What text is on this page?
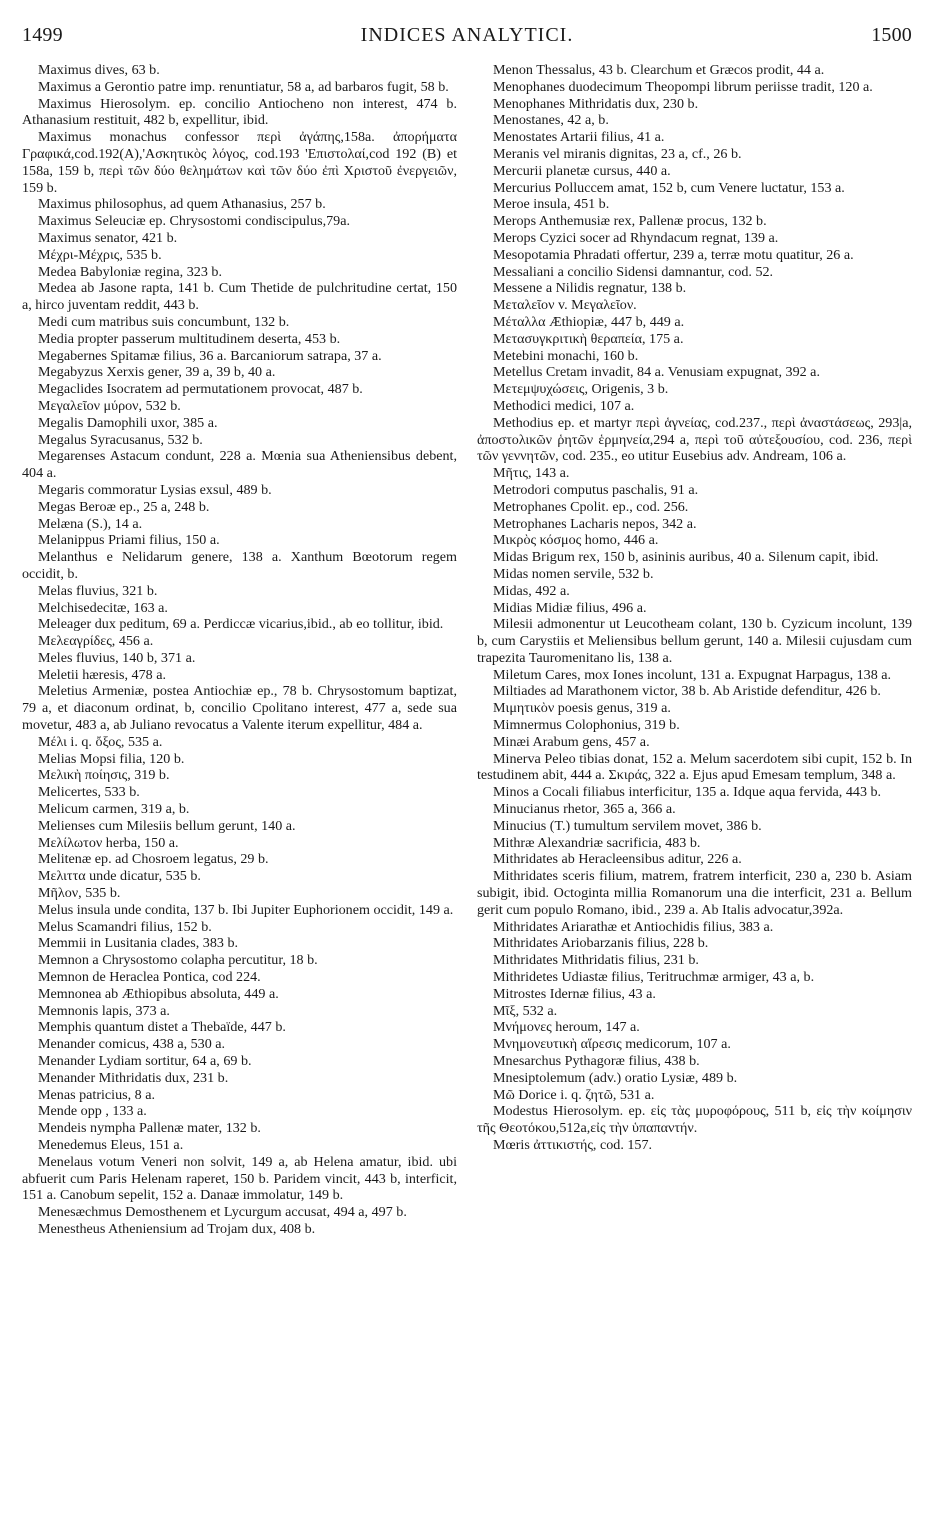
1499	INDICES ANALYTICI.	1500

Maximus dives, 63 b.

Maximus a Gerontio patre imp. renuntiatur, 58 a, ad barbaros fugit, 58 b.

Maximus Hierosolym. ep. concilio Antiocheno non interest, 474 b. Athanasium restituit, 482 b, expellitur, ibid.

Maximus monachus confessor περὶ ἀγάπης,158a. ἀπορήματα Γραφικά,cod.192(A),'Ασκητικὸς λόγος, cod.193 'Επιστολαί,cod 192 (B) et 158a, 159 b, περὶ τῶν δύο θελημάτων καὶ τῶν δύο ἐπὶ Χριστοῦ ἐνεργειῶν, 159 b.

Maximus philosophus, ad quem Athanasius, 257 b.

Maximus Seleuciæ ep. Chrysostomi condiscipulus,79a.

Maximus senator, 421 b.

Μέχρι-Μέχρις, 535 b.

Medea Babyloniæ regina, 323 b.

Medea ab Jasone rapta, 141 b. Cum Thetide de pulchritudine certat, 150 a, hirco juventam reddit, 443 b.

Medi cum matribus suis concumbunt, 132 b.

Media propter passerum multitudinem deserta, 453 b.

Megabernes Spitamæ filius, 36 a. Barcaniorum satrapa, 37 a.

Megabyzus Xerxis gener, 39 a, 39 b, 40 a.

Megaclides Isocratem ad permutationem provocat, 487 b.

Μεγαλεῖον μύρον, 532 b.

Megalis Damophili uxor, 385 a.

Megalus Syracusanus, 532 b.

Megarenses Astacum condunt, 228 a. Mœnia sua Atheniensibus debent, 404 a.

Megaris commoratur Lysias exsul, 489 b.

Megas Beroæ ep., 25 a, 248 b.

Melæna (S.), 14 a.

Melanippus Priami filius, 150 a.

Melanthus e Nelidarum genere, 138 a. Xanthum Bœotorum regem occidit, b.

Melas fluvius, 321 b.

Melchisedecitæ, 163 a.

Meleager dux peditum, 69 a. Perdiccæ vicarius,ibid., ab eo tollitur, ibid.

Μελεαγρίδες, 456 a.

Meles fluvius, 140 b, 371 a.

Meletii hæresis, 478 a.

Meletius Armeniæ, postea Antiochiæ ep., 78 b. Chrysostomum baptizat, 79 a, et diaconum ordinat, b, concilio Cpolitano interest, 477 a, sede sua movetur, 483 a, ab Juliano revocatus a Valente iterum expellitur, 484 a.

Μέλι i. q. ὄξος, 535 a.

Melias Mopsi filia, 120 b.

Μελικὴ ποίησις, 319 b.

Melicertes, 533 b.

Melicum carmen, 319 a, b.

Melienses cum Milesiis bellum gerunt, 140 a.

Μελίλωτον herba, 150 a.

Melitenæ ep. ad Chosroem legatus, 29 b.

Μελιττα unde dicatur, 535 b.

Μῆλον, 535 b.

Melus insula unde condita, 137 b. Ibi Jupiter Euphorionem occidit, 149 a.

Melus Scamandri filius, 152 b.

Memmii in Lusitania clades, 383 b.

Memnon a Chrysostomo colapha percutitur, 18 b.

Memnon de Heraclea Pontica, cod 224.

Memnonea ab Æthiopibus absoluta, 449 a.

Memnonis lapis, 373 a.

Memphis quantum distet a Thebaïde, 447 b.

Menander comicus, 438 a, 530 a.

Menander Lydiam sortitur, 64 a, 69 b.

Menander Mithridatis dux, 231 b.

Menas patricius, 8 a.

Mende opp , 133 a.

Mendeis nympha Pallenæ mater, 132 b.

Menedemus Eleus, 151 a.

Menelaus votum Veneri non solvit, 149 a, ab Helena amatur, ibid. ubi abfuerit cum Paris Helenam raperet, 150 b. Paridem vincit, 443 b, interficit, 151 a. Canobum sepelit, 152 a. Danaæ immolatur, 149 b.

Menesæchmus Demosthenem et Lycurgum accusat, 494 a, 497 b.

Menestheus Atheniensium ad Trojam dux, 408 b.

Menon Thessalus, 43 b. Clearchum et Græcos prodit, 44 a.

Menophanes duodecimum Theopompi librum periisse tradit, 120 a.

Menophanes Mithridatis dux, 230 b.

Menostanes, 42 a, b.

Menostates Artarii filius, 41 a.

Meranis vel miranis dignitas, 23 a, cf., 26 b.

Mercurii planetæ cursus, 440 a.

Mercurius Polluccem amat, 152 b, cum Venere luctatur, 153 a.

Meroe insula, 451 b.

Merops Anthemusiæ rex, Pallenæ procus, 132 b.

Merops Cyzici socer ad Rhyndacum regnat, 139 a.

Mesopotamia Phradati offertur, 239 a, terræ motu quatitur, 26 a.

Messaliani a concilio Sidensi damnantur, cod. 52.

Messene a Nilidis regnatur, 138 b.

Μεταλεῖον v. Μεγαλεῖον.

Μέταλλα Æthiopiæ, 447 b, 449 a.

Μετασυγκριτικὴ θεραπεία, 175 a.

Metebini monachi, 160 b.

Metellus Cretam invadit, 84 a. Venusiam expugnat, 392 a.

Μετεμψυχώσεις, Origenis, 3 b.

Methodici medici, 107 a.

Methodius ep. et martyr περὶ ἁγνείας, cod.237., περὶ ἀναστάσεως, 293|a, ἀποστολικῶν ῥητῶν ἑρμηνεία,294 a, περὶ τοῦ αὐτεξουσίου, cod. 236, περὶ τῶν γεννητῶν, cod. 235., eo utitur Eusebius adv. Andream, 106 a.

Μῆτις, 143 a.

Metrodori computus paschalis, 91 a.

Metrophanes Cpolit. ep., cod. 256.

Metrophanes Lacharis nepos, 342 a.

Μικρὸς κόσμος homo, 446 a.

Midas Brigum rex, 150 b, asininis auribus, 40 a. Silenum capit, ibid.

Midas nomen servile, 532 b.

Midas, 492 a.

Midias Midiæ filius, 496 a.

Milesii admonentur ut Leucotheam colant, 130 b. Cyzicum incolunt, 139 b, cum Carystiis et Meliensibus bellum gerunt, 140 a. Milesii cujusdam cum trapezita Tauromenitano lis, 138 a.

Miletum Cares, mox Iones incolunt, 131 a. Expugnat Harpagus, 138 a.

Miltiades ad Marathonem victor, 38 b. Ab Aristide defenditur, 426 b.

Μιμητικὸν poesis genus, 319 a.

Mimnermus Colophonius, 319 b.

Minæi Arabum gens, 457 a.

Minerva Peleo tibias donat, 152 a. Melum sacerdotem sibi cupit, 152 b. In testudinem abit, 444 a. Σκιράς, 322 a. Ejus apud Emesam templum, 348 a.

Minos a Cocali filiabus interficitur, 135 a. Idque aqua fervida, 443 b.

Minucianus rhetor, 365 a, 366 a.

Minucius (T.) tumultum servilem movet, 386 b.

Mithræ Alexandriæ sacrificia, 483 b.

Mithridates ab Heracleensibus aditur, 226 a.

Mithridates sceris filium, matrem, fratrem interficit, 230 a, 230 b. Asiam subigit, ibid. Octoginta millia Romanorum una die interficit, 231 a. Bellum gerit cum populo Romano, ibid., 239 a. Ab Italis advocatur,392a.

Mithridates Ariarathæ et Antiochidis filius, 383 a.

Mithridates Ariobarzanis filius, 228 b.

Mithridates Mithridatis filius, 231 b.

Mithridetes Udiastæ filius, Teritruchmæ armiger, 43 a, b.

Mitrostes Idernæ filius, 43 a.

Μῖξ, 532 a.

Μνήμονες heroum, 147 a.

Μνημονευτικὴ αἵρεσις medicorum, 107 a.

Mnesarchus Pythagoræ filius, 438 b.

Mnesiptolemum (adv.) oratio Lysiæ, 489 b.

Μῶ Dorice i. q. ζητῶ, 531 a.

Modestus Hierosolym. ep. εἰς τὰς μυροφόρους, 511 b, εἰς τὴν κοίμησιν τῆς Θεοτόκου,512a,εἰς τὴν ὑπαπαντήν.

Mœris ἀττικιστής, cod. 157.
